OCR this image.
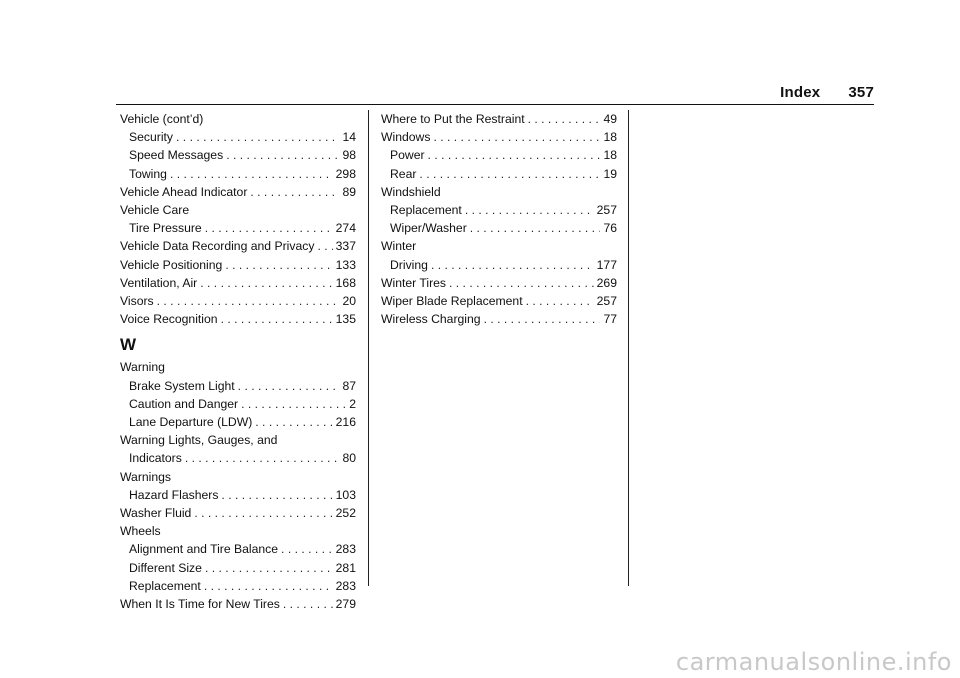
Index 357
Vehicle (cont’d)
Security . . .	14
Speed Messages . . .	98
Towing . . .	298
Vehicle Ahead Indicator . . .	89
Vehicle Care
Tire Pressure . . .	274
Vehicle Data Recording and Privacy . . . 337
Vehicle Positioning . . .	133
Ventilation, Air . . .	168
Visors . . .	20
Voice Recognition . . .	135
W
Warning
Brake System Light . . .	87
Caution and Danger . . .	2
Lane Departure (LDW) . . .	216
Warning Lights, Gauges, and
Indicators . . .	80
Warnings
Hazard Flashers . . .	103
Washer Fluid . . .	252
Wheels
Alignment and Tire Balance . . .	283
Different Size . . .	281
Replacement . . .	283
When It Is Time for New Tires . . .	279
Where to Put the Restraint . . .	49
Windows . . .	18
Power . . .	18
Rear . . .	19
Windshield
Replacement . . .	257
Wiper/Washer . . .	76
Winter
Driving . . .	177
Winter Tires . . .	269
Wiper Blade Replacement . . .	257
Wireless Charging . . .	77
carmanualsonline.info
